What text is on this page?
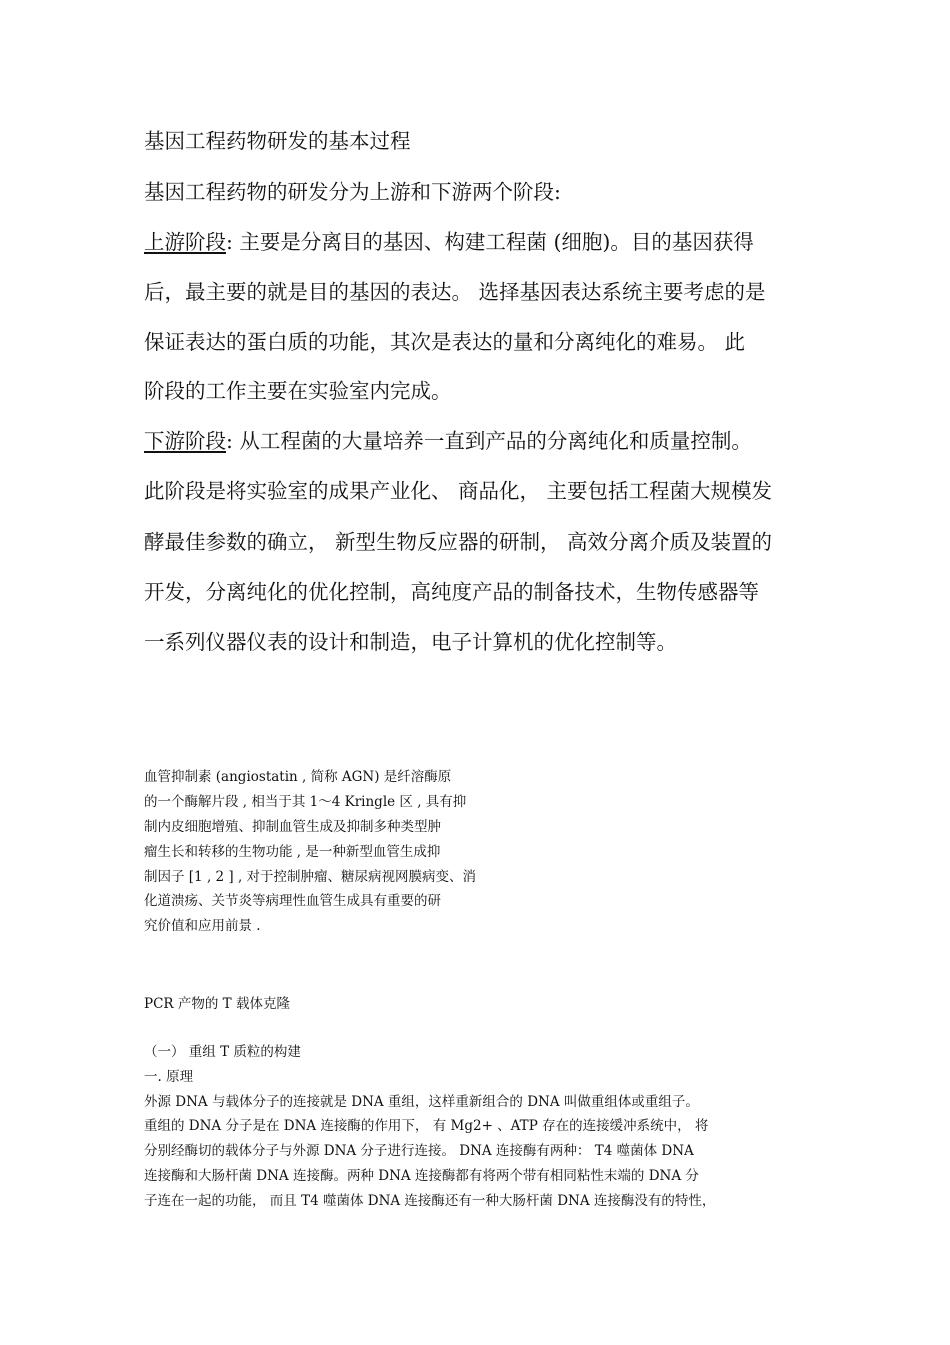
基因工程药物研发的基本过程
基因工程药物的研发分为上游和下游两个阶段:
上游阶段: 主要是分离目的基因、构建工程菌 (细胞)。目的基因获得
后，最主要的就是目的基因的表达。 选择基因表达系统主要考虑的是
保证表达的蛋白质的功能，其次是表达的量和分离纯化的难易。 此
阶段的工作主要在实验室内完成。
下游阶段: 从工程菌的大量培养一直到产品的分离纯化和质量控制。
此阶段是将实验室的成果产业化、 商品化， 主要包括工程菌大规模发
酵最佳参数的确立， 新型生物反应器的研制， 高效分离介质及装置的
开发，分离纯化的优化控制，高纯度产品的制备技术，生物传感器等
一系列仪器仪表的设计和制造，电子计算机的优化控制等。
血管抑制素 (angiostatin , 简称 AGN) 是纤溶酶原
的一个酶解片段 , 相当于其 1～4 Kringle 区 , 具有抑
制内皮细胞增殖、抑制血管生成及抑制多种类型肿
瘤生长和转移的生物功能 , 是一种新型血管生成抑
制因子 [1 , 2 ] , 对于控制肿瘤、糖尿病视网膜病变、消
化道溃疡、关节炎等病理性血管生成具有重要的研
究价值和应用前景 .
PCR 产物的 T 载体克隆
（一） 重组 T 质粒的构建
一. 原理
外源 DNA 与载体分子的连接就是 DNA 重组，这样重新组合的 DNA 叫做重组体或重组子。
重组的 DNA 分子是在 DNA 连接酶的作用下， 有 Mg2+ 、ATP 存在的连接缓冲系统中， 将
分别经酶切的载体分子与外源 DNA 分子进行连接。 DNA 连接酶有两种： T4 噬菌体 DNA
连接酶和大肠杆菌 DNA 连接酶。两种 DNA 连接酶都有将两个带有相同粘性末端的 DNA 分
子连在一起的功能， 而且 T4 噬菌体 DNA 连接酶还有一种大肠杆菌 DNA 连接酶没有的特性，
